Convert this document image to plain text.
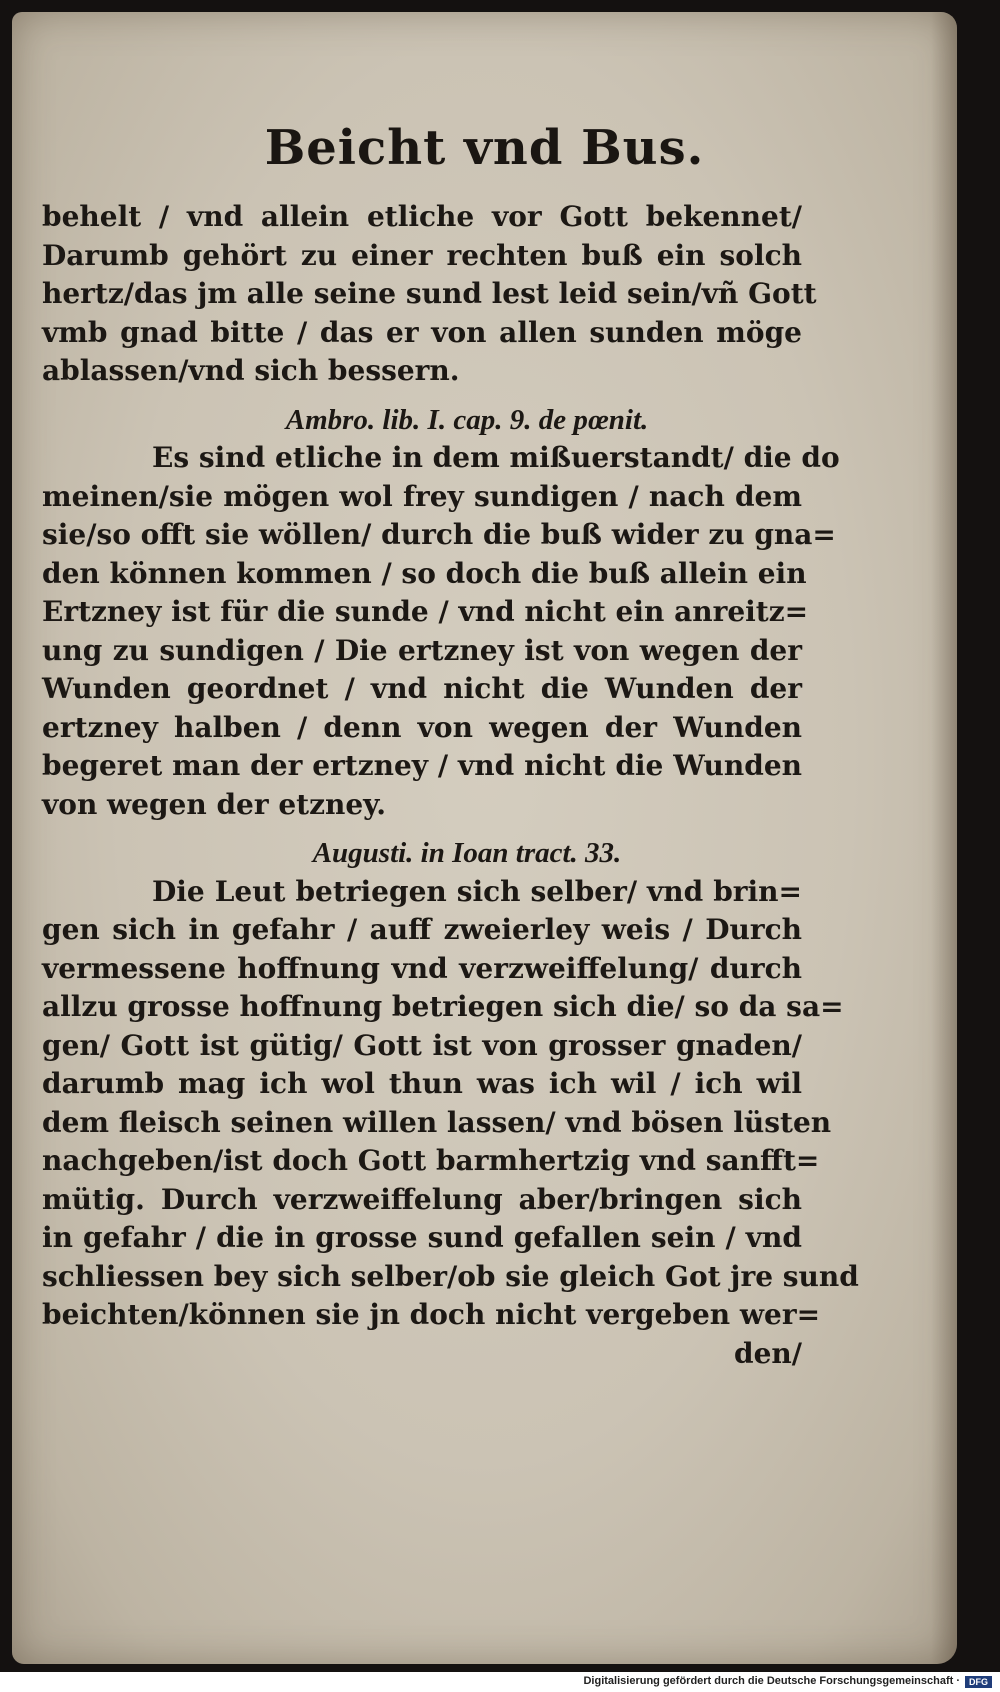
Beicht vnd Bus.
behelt / vnd allein etliche vor Gott bekennet/
Darumb gehört zu einer rechten buß ein solch
hertz/das jm alle seine sund lest leid sein/vñ Gott
vmb gnad bitte / das er von allen sunden möge
ablassen/vnd sich bessern.
Ambro. lib. I. cap. 9. de pœnit.
Es sind etliche in dem mißuerstandt/ die do
meinen/sie mögen wol frey sundigen / nach dem
sie/so offt sie wöllen/ durch die buß wider zu gna=
den können kommen / so doch die buß allein ein
Ertzney ist für die sunde / vnd nicht ein anreitz=
ung zu sundigen / Die ertzney ist von wegen der
Wunden geordnet / vnd nicht die Wunden der
ertzney halben / denn von wegen der Wunden
begeret man der ertzney / vnd nicht die Wunden
von wegen der etzney.
Augusti. in Ioan tract. 33.
Die Leut betriegen sich selber/ vnd brin=
gen sich in gefahr / auff zweierley weis / Durch
vermessene hoffnung vnd verzweiffelung/ durch
allzu grosse hoffnung betriegen sich die/ so da sa=
gen/ Gott ist gütig/ Gott ist von grosser gnaden/
darumb mag ich wol thun was ich wil / ich wil
dem fleisch seinen willen lassen/ vnd bösen lüsten
nachgeben/ist doch Gott barmhertzig vnd sanfft=
mütig. Durch verzweiffelung aber/bringen sich
in gefahr / die in grosse sund gefallen sein / vnd
schliessen bey sich selber/ob sie gleich Got jre sund
beichten/können sie jn doch nicht vergeben wer=
den/
Digitalisierung gefördert durch die Deutsche Forschungsgemeinschaft ·	DFG
